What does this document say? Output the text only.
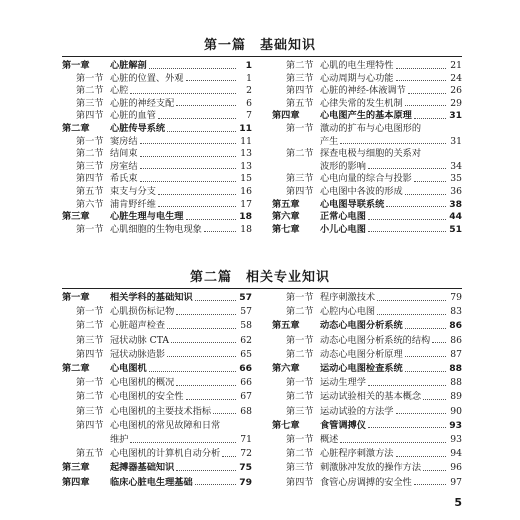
第一篇　基础知识
第一章	心脏解剖	1
第一节 心脏的位置、外观	1
第二节 心腔	2
第三节 心脏的神经支配	6
第四节 心脏的血管	7
第二章	心脏传导系统	11
第一节 窦房结	11
第二节 结间束	13
第三节 房室结	13
第四节 希氏束	15
第五节 束支与分支	16
第六节 浦肯野纤维	17
第三章	心脏生理与电生理	18
第一节 心肌细胞的生物电现象	18
第二节 心肌的电生理特性	21
第三节 心动周期与心功能	24
第四节 心脏的神经-体液调节	26
第五节 心律失常的发生机制	29
第四章	心电图产生的基本原理	31
第一节 激动的扩布与心电图形的
产生	31
第二节 探查电极与细胞的关系对
波形的影响	34
第三节 心电向量的综合与投影	35
第四节 心电图中各波的形成	36
第五章	心电图导联系统	38
第六章	正常心电图	44
第七章	小儿心电图	51
第二篇　相关专业知识
第一章	相关学科的基础知识	57
第一节 心肌损伤标记物	57
第二节 心脏超声检查	58
第三节 冠状动脉 CTA	62
第四节 冠状动脉造影	65
第二章	心电图机	66
第一节 心电图机的概况	66
第二节 心电图机的安全性	67
第三节 心电图机的主要技术指标	68
第四节 心电图机的常见故障和日常
维护	71
第五节 心电图机的计算机自动分析 72
第三章	起搏器基础知识	75
第四章	临床心脏电生理基础	79
第一节 程序刺激技术	79
第二节 心腔内心电图	83
第五章	动态心电图分析系统	86
第一节 动态心电图分析系统的结构 86
第二节 动态心电图分析原理	87
第六章	运动心电图检查系统	88
第一节 运动生理学	88
第二节 运动试验相关的基本概念	89
第三节 运动试验的方法学	90
第七章	食管调搏仪	93
第一节 概述	93
第二节 心脏程序刺激方法	94
第三节 刺激脉冲发放的操作方法	96
第四节 食管心房调搏的安全性	97
5
